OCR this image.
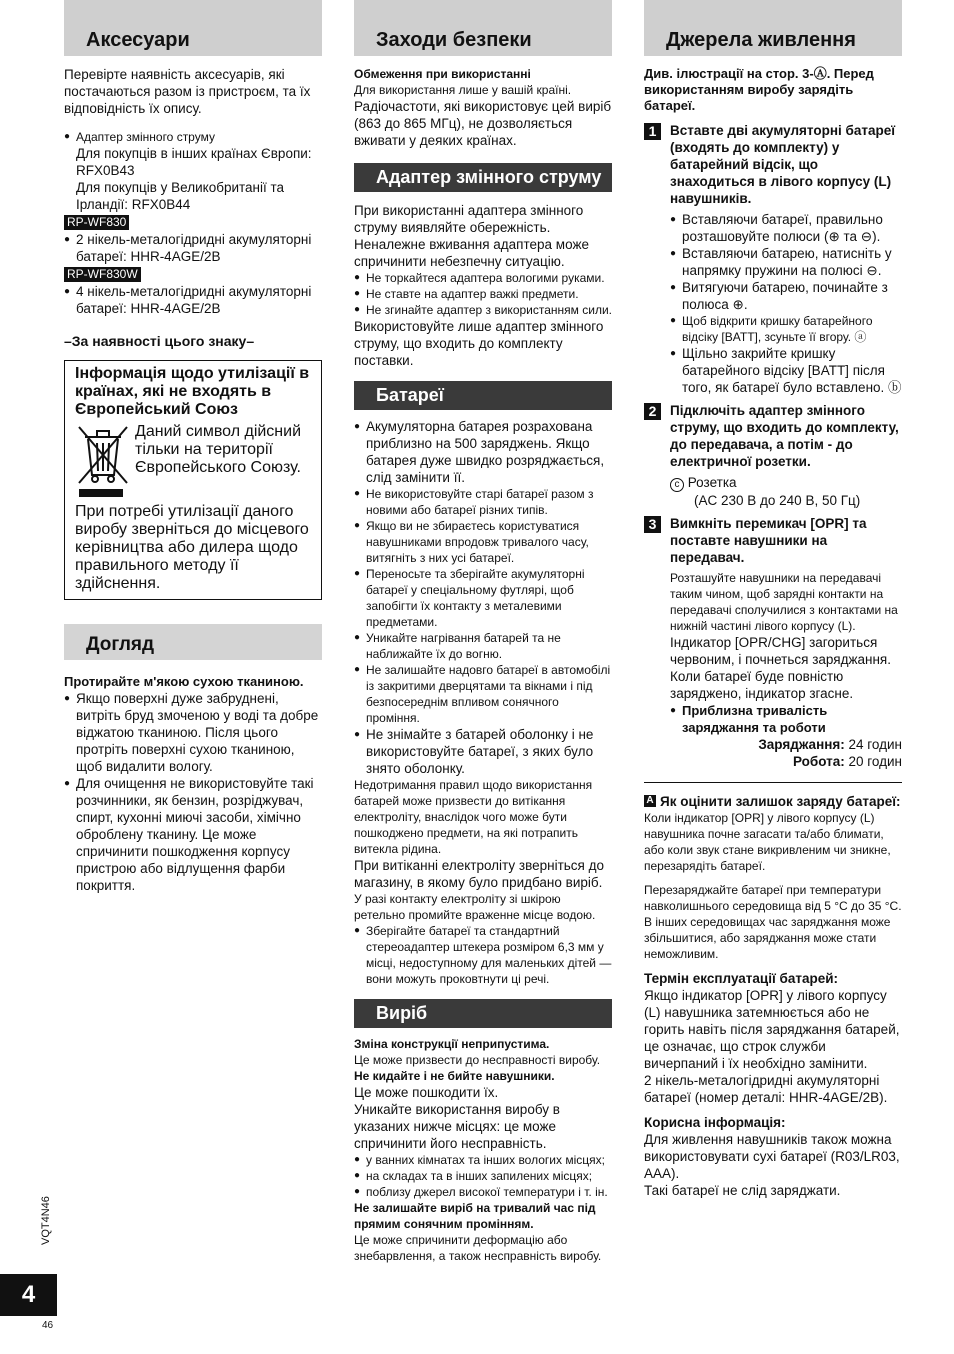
Аксесуари

Перевірте наявність аксесуарів, які постачаються разом із пристроєм, та їх відповідність їх опису.

● Адаптер змінного струму

Для покупців в інших країнах Європи: RFX0B43

Для покупців у Великобританії та Ірландії: RFX0B44

RP-WF830
● 2 нікель-металогідридні акумуляторні батареї: HHR-4AGE/2B
RP-WF830W
● 4 нікель-металогідридні акумуляторні батареї: HHR-4AGE/2B

–За наявності цього знаку–

Інформація щодо утилізації в країнах, які не входять в Європейський Союз

Даний символ дійсний тільки на території Європейського Союзу.

При потребі утилізації даного виробу зверніться до місцевого керівництва або дилера щодо правильного методу її здійснення.

Догляд

Протирайте м'якою сухою тканиною.

● Якщо поверхні дуже забруднені, витріть бруд змоченою у воді та добре віджатою тканиною. Після цього протріть поверхні сухою тканиною, щоб видалити вологу.
● Для очищення не використовуйте такі розчинники, як бензин, розріджувач, спирт, кухонні миючі засоби, хімічно оброблену тканину. Це може спричинити пошкодження корпусу пристрою або відлущення фарби покриття.
Заходи безпеки

Обмеження при використанні

Для використання лише у вашій країні.

Радіочастоти, які використовує цей виріб (863 до 865 МГц), не дозволяється вживати у деяких країнах.

Адаптер змінного струму

При використанні адаптера змінного струму виявляйте обережність. Неналежне вживання адаптера може спричинити небезпечну ситуацію.

● Не торкайтеся адаптера вологими руками.
● Не ставте на адаптер важкі предмети.
● Не згинайте адаптер з використанням сили.

Використовуйте лише адаптер змінного струму, що входить до комплекту поставки.

Батареї
● Акумуляторна батарея розрахована приблизно на 500 заряджень. Якщо батарея дуже швидко розряджається, слід замінити її.
● Не використовуйте старі батареї разом з новими або батареї різних типів.
● Якщо ви не збираєтесь користуватися навушниками впродовж тривалого часу, витягніть з них усі батареї.
● Переносьте та зберігайте акумуляторні батареї у спеціальному футлярі, щоб запобігти їх контакту з металевими предметами.
● Уникайте нагрівання батарей та не наближайте їх до вогню.
● Не залишайте надовго батареї в автомобілі із закритими дверцятами та вікнами і під безпосереднім впливом сонячного проміння.
● Не знімайте з батарей оболонку і не використовуйте батареї, з яких було знято оболонку.

Недотримання правил щодо використання батарей може призвести до витікання електроліту, внаслідок чого може бути пошкоджено предмети, на які потрапить витекла рідина.

При витіканні електроліту зверніться до магазину, в якому було придбано виріб.

У разі контакту електроліту зі шкірою ретельно промийте враженне місце водою.

● Зберігайте батареї та стандартний стереоадаптер штекера розміром 6,3 мм у місці, недоступному для маленьких дітей — вони можуть проковтнути ці речі.
Виріб

Зміна конструкції неприпустима.

Це може призвести до несправності виробу.

Не кидайте і не бийте навушники.

Це може пошкодити їх.

Уникайте використання виробу в указаних нижче місцях: це може спричинити його несправність.

● у ванних кімнатах та інших вологих місцях;
● на складах та в інших запилених місцях;
● поблизу джерел високої температури і т. ін.

Не залишайте виріб на тривалий час під прямим сонячним промінням.

Це може спричинити деформацію або знебарвлення, а також несправність виробу.

Джерела живлення

Див. ілюстрації на стор. 3-Ⓐ. Перед використанням виробу зарядіть батареї.

1	Вставте дві акумуляторні батареї (входять до комплекту) у батарейний відсік, що знаходиться в лівого корпусу (L) навушників.

● Вставляючи батареї, правильно розташовуйте полюси (⊕ та ⊖).
● Вставляючи батарею, натисніть у напрямку пружини на полюсі ⊖.
● Витягуючи батарею, починайте з полюса ⊕.
● Щоб відкрити кришку батарейного відсіку [BATT], зсуньте її вгору. ⓐ
● Щільно закрийте кришку батарейного відсіку [BATT] після того, як батареї було вставлено. ⓑ
2	Підключіть адаптер змінного струму, що входить до комплекту, до передавача, а потім - до електричної розетки.

c Розетка

(AC 230 В до 240 В, 50 Гц)

3	Вимкніть перемикач [OPR] та поставте навушники на передавач.

Розташуйте навушники на передавачі таким чином, щоб зарядні контакти на передавачі сполучилися з контактами на нижній частині лівого корпусу (L).

Індикатор [OPR/CHG] загориться червоним, і почнеться заряджання. Коли батареї буде повністю заряджено, індикатор згасне.

● Приблизна тривалість заряджання та роботи

Заряджання: 24 годин

Робота: 20 годин

A Як оцінити залишок заряду батареї:

Коли індикатор [OPR] у лівого корпусу (L) навушника почне загасати та/або блимати, або коли звук стане викривленим чи зникне, перезарядіть батареї.

Перезаряджайте батареї при температури навколишнього середовища від 5 °C до 35 °C. В інших середовищах час заряджання може збільшитися, або заряджання може стати неможливим.

Термін експлуатації батарей:

Якщо індикатор [OPR] у лівого корпусу (L) навушника затемнюється або не горить навіть після заряджання батарей, це означає, що строк служби вичерпаний і їх необхідно замінити.

2 нікель-металогідридні акумуляторні батареї (номер деталі: HHR-4AGE/2B).

Корисна інформація:

Для живлення навушників також можна використовувати сухі батареї (R03/LR03, AAA).

Такі батареї не слід заряджати.

VQT4N46
4
46
